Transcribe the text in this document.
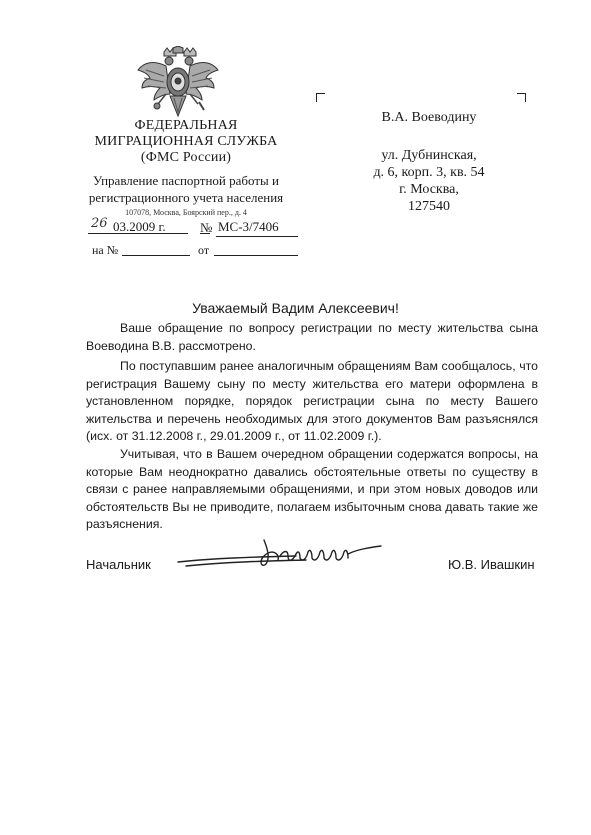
ФЕДЕРАЛЬНАЯ
МИГРАЦИОННАЯ СЛУЖБА
(ФМС России)
Управление паспортной работы и
регистрационного учета населения
107078, Москва, Боярский пер., д. 4
26 03.2009 г.	№ МС-3/7406
на №	от
В.А. Воеводину
ул. Дубнинская,
д. 6, корп. 3, кв. 54
г. Москва,
127540
Уважаемый Вадим Алексеевич!

Ваше обращение по вопросу регистрации по месту жительства сына Воеводина В.В. рассмотрено.

По поступавшим ранее аналогичным обращениям Вам сообщалось, что регистрация Вашему сыну по месту жительства его матери оформлена в установленном порядке, порядок регистрации сына по месту Вашего жительства и перечень необходимых для этого документов Вам разъяснялся (исх. от 31.12.2008 г., 29.01.2009 г., от 11.02.2009 г.).

Учитывая, что в Вашем очередном обращении содержатся вопросы, на которые Вам неоднократно давались обстоятельные ответы по существу в связи с ранее направляемыми обращениями, и при этом новых доводов или обстоятельств Вы не приводите, полагаем избыточным снова давать такие же разъяснения.

Начальник	Ю.В. Ивашкин
